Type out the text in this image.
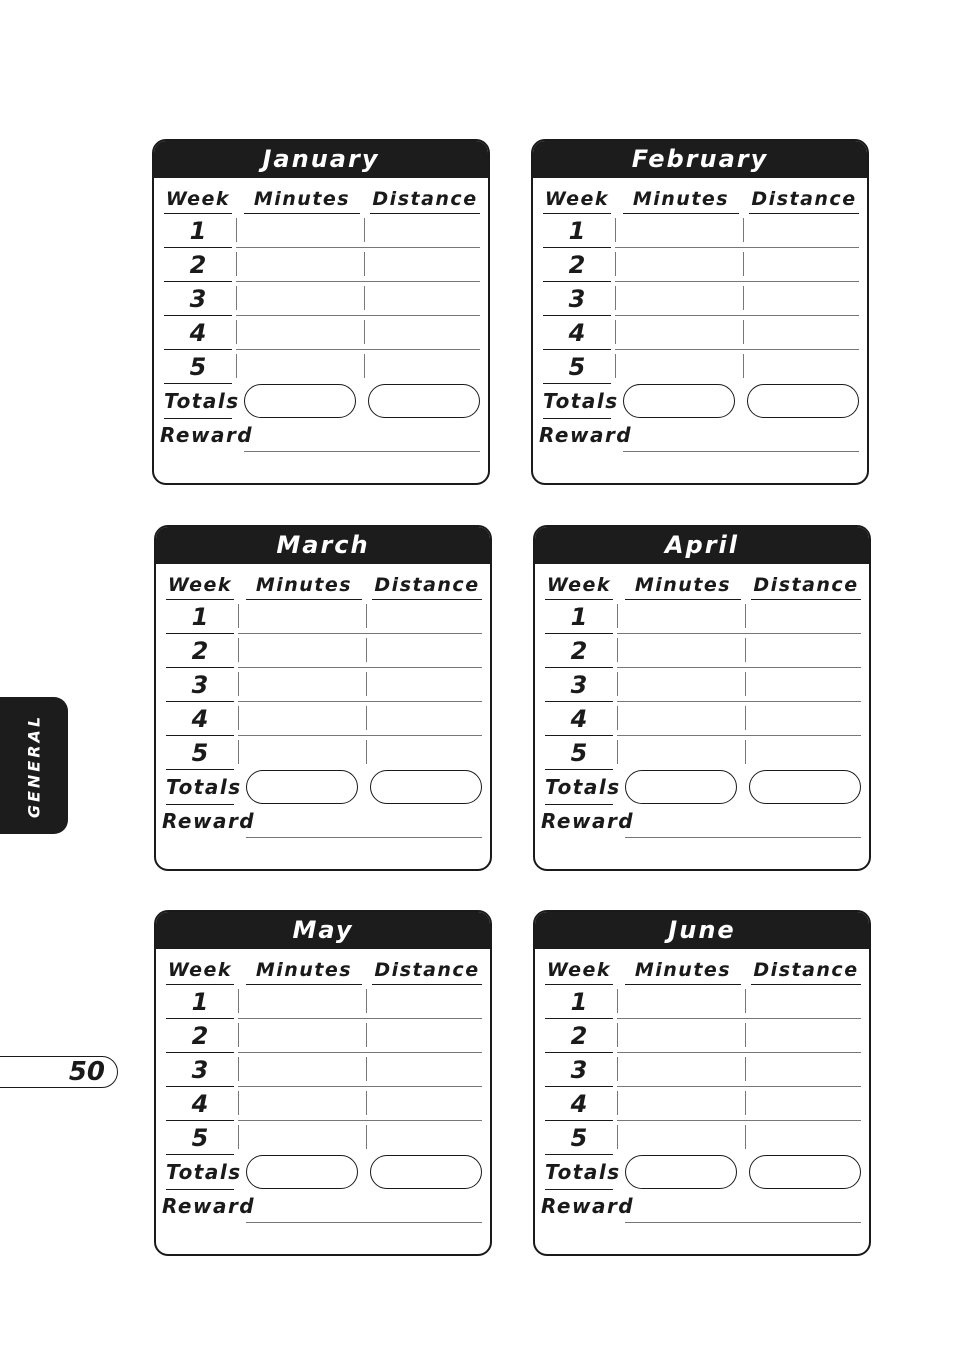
January
Week	Minutes	Distance
1
2
3
4
5
Totals
Reward
February
Week	Minutes	Distance
1
2
3
4
5
Totals
Reward
March
Week	Minutes	Distance
1
2
3
4
5
Totals
Reward
April
Week	Minutes	Distance
1
2
3
4
5
Totals
Reward
May
Week	Minutes	Distance
1
2
3
4
5
Totals
Reward
June
Week	Minutes	Distance
1
2
3
4
5
Totals
Reward
GENERAL
50
